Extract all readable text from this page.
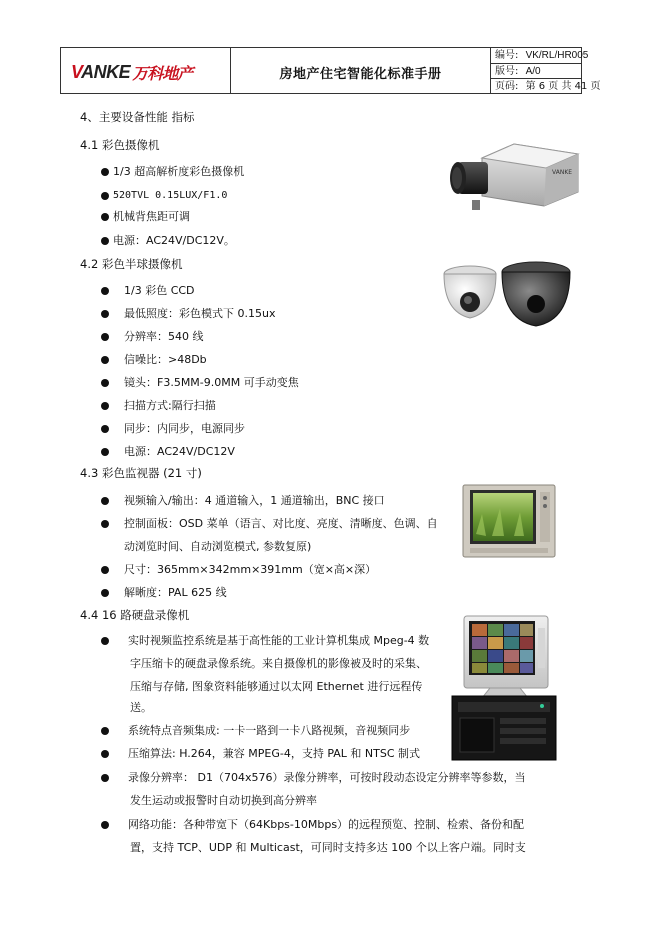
VANKE 万科地产	房地产住宅智能化标准手册
编号: VK/RL/HR005
版号: A/0
页码: 第 6 页 共 41 页
4、主要设备性能 指标
4.1 彩色摄像机
1/3 超高解析度彩色摄像机
520TVL 0.15LUX/F1.0
机械背焦距可调
电源：AC24V/DC12V。
VANKE
4.2 彩色半球摄像机
1/3 彩色 CCD
最低照度：彩色模式下 0.15ux
分辨率：540 线
信噪比：>48Db
镜头：F3.5MM-9.0MM 可手动变焦
扫描方式:隔行扫描
同步：内同步，电源同步
电源：AC24V/DC12V
4.3 彩色监视器 (21 寸)
视频输入/输出：4 通道输入，1 通道输出，BNC 接口
控制面板：OSD 菜单（语言、对比度、亮度、清晰度、色调、自
动浏览时间、自动浏览模式, 参数复原)
尺寸：365mm×342mm×391mm（宽×高×深）
解晰度：PAL 625 线
4.4 16 路硬盘录像机
实时视频监控系统是基于高性能的工业计算机集成 Mpeg-4 数
字压缩卡的硬盘录像系统。来自摄像机的影像被及时的采集、
压缩与存储, 图象资料能够通过以太网 Ethernet 进行远程传
送。
系统特点音频集成: 一卡一路到一卡八路视频，音视频同步
压缩算法: H.264，兼容 MPEG-4，支持 PAL 和 NTSC 制式
录像分辨率： D1（704x576）录像分辨率，可按时段动态设定分辨率等参数，当
发生运动或报警时自动切换到高分辨率
网络功能：各种带宽下（64Kbps-10Mbps）的远程预览、控制、检索、备份和配
置，支持 TCP、UDP 和 Multicast，可同时支持多达 100 个以上客户端。同时支
